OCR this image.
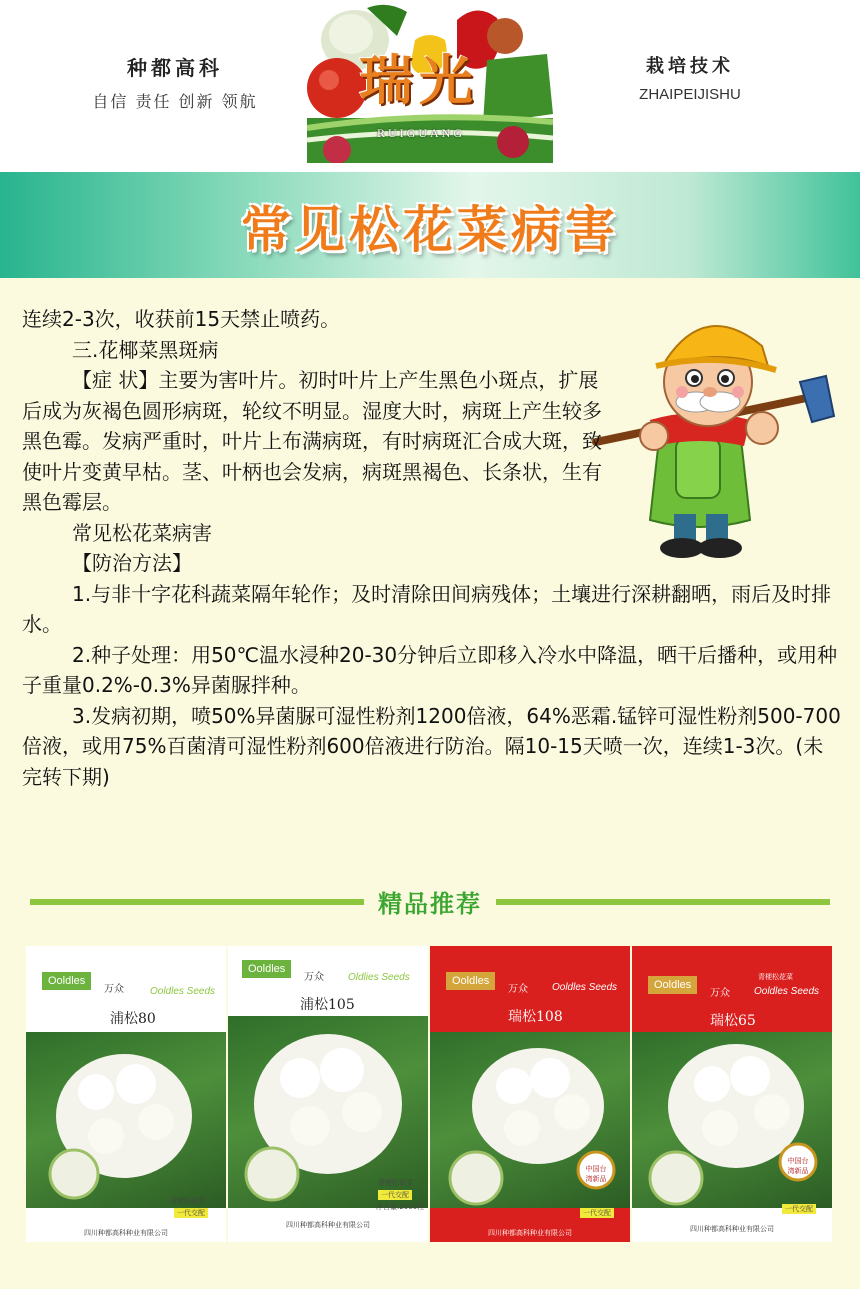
种都高科
自信 责任 创新 领航	瑞光
RUIGUANG
栽培技术
ZHAIPEIJISHU
常见松花菜病害

连续2-3次，收获前15天禁止喷药。

三.花椰菜黑斑病

【症 状】主要为害叶片。初时叶片上产生黑色小斑点，扩展后成为灰褐色圆形病斑，轮纹不明显。湿度大时，病斑上产生较多黑色霉。发病严重时，叶片上布满病斑，有时病斑汇合成大斑，致使叶片变黄早枯。茎、叶柄也会发病，病斑黑褐色、长条状，生有黑色霉层。

常见松花菜病害

【防治方法】

1.与非十字花科蔬菜隔年轮作；及时清除田间病残体；土壤进行深耕翻晒，雨后及时排水。

2.种子处理：用50℃温水浸种20-30分钟后立即移入冷水中降温，晒干后播种，或用种子重量0.2%-0.3%异菌脲拌种。

3.发病初期，喷50%异菌脲可湿性粉剂1200倍液，64%恶霜.锰锌可湿性粉剂500-700倍液，或用75%百菌清可湿性粉剂600倍液进行防治。隔10-15天喷一次，连续1-3次。(未完转下期)

精品推荐
Ooldles
万众	Ooldles Seeds
浦松80
青梗松花菜
一代交配
四川种都高科种业有限公司
Ooldles
万众 Oldlies Seeds
浦松105
青梗松花菜
一代交配
净含量:2000粒
四川种都高科种业有限公司
Ooldles
万众 Ooldles Seeds
瑞松108
中国台湾新品
一代交配
四川种都高科种业有限公司
Ooldles
万众
青梗松花菜
Ooldles Seeds
瑞松65
中国台湾新品
一代交配
四川种都高科种业有限公司
